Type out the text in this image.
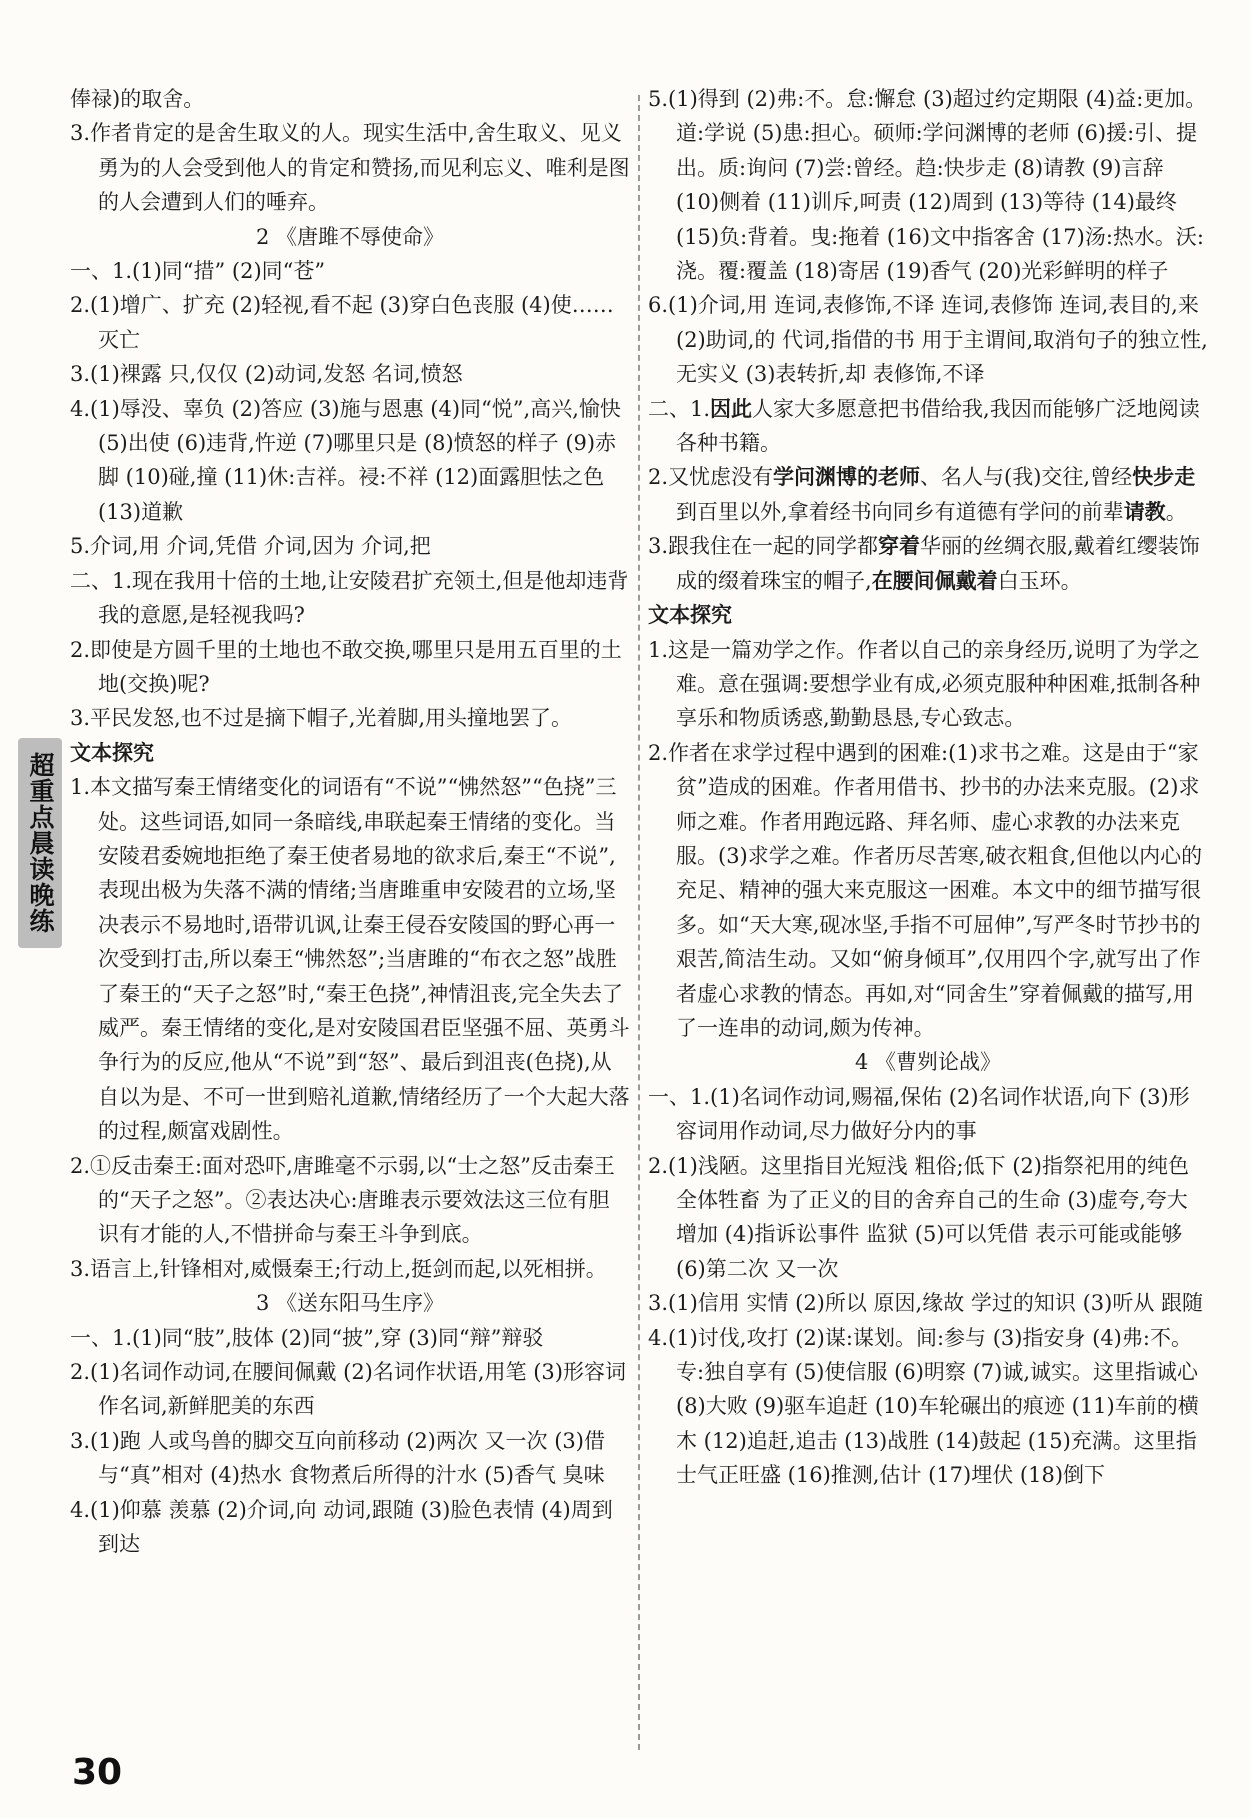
俸禄)的取舍。
3.作者肯定的是舍生取义的人。现实生活中,舍生取义、见义勇为的人会受到他人的肯定和赞扬,而见利忘义、唯利是图的人会遭到人们的唾弃。
2 《唐雎不辱使命》
一、1.(1)同“措” (2)同“苍”
2.(1)增广、扩充 (2)轻视,看不起 (3)穿白色丧服 (4)使……灭亡
3.(1)裸露 只,仅仅 (2)动词,发怒 名词,愤怒
4.(1)辱没、辜负 (2)答应 (3)施与恩惠 (4)同“悦”,高兴,愉快 (5)出使 (6)违背,忤逆 (7)哪里只是 (8)愤怒的样子 (9)赤脚 (10)碰,撞 (11)休:吉祥。祲:不祥 (12)面露胆怯之色 (13)道歉
5.介词,用 介词,凭借 介词,因为 介词,把
二、1.现在我用十倍的土地,让安陵君扩充领土,但是他却违背我的意愿,是轻视我吗?
2.即使是方圆千里的土地也不敢交换,哪里只是用五百里的土地(交换)呢?
3.平民发怒,也不过是摘下帽子,光着脚,用头撞地罢了。
文本探究
1.本文描写秦王情绪变化的词语有“不说”“怫然怒”“色挠”三处。这些词语,如同一条暗线,串联起秦王情绪的变化。当安陵君委婉地拒绝了秦王使者易地的欲求后,秦王“不说”,表现出极为失落不满的情绪;当唐雎重申安陵君的立场,坚决表示不易地时,语带讥讽,让秦王侵吞安陵国的野心再一次受到打击,所以秦王“怫然怒”;当唐雎的“布衣之怒”战胜了秦王的“天子之怒”时,“秦王色挠”,神情沮丧,完全失去了威严。秦王情绪的变化,是对安陵国君臣坚强不屈、英勇斗争行为的反应,他从“不说”到“怒”、最后到沮丧(色挠),从自以为是、不可一世到赔礼道歉,情绪经历了一个大起大落的过程,颇富戏剧性。
2.①反击秦王:面对恐吓,唐雎毫不示弱,以“士之怒”反击秦王的“天子之怒”。②表达决心:唐雎表示要效法这三位有胆识有才能的人,不惜拼命与秦王斗争到底。
3.语言上,针锋相对,威慑秦王;行动上,挺剑而起,以死相拼。
3 《送东阳马生序》
一、1.(1)同“肢”,肢体 (2)同“披”,穿 (3)同“辩”辩驳
2.(1)名词作动词,在腰间佩戴 (2)名词作状语,用笔 (3)形容词作名词,新鲜肥美的东西
3.(1)跑 人或鸟兽的脚交互向前移动 (2)两次 又一次 (3)借 与“真”相对 (4)热水 食物煮后所得的汁水 (5)香气 臭味
4.(1)仰慕 羡慕 (2)介词,向 动词,跟随 (3)脸色表情 (4)周到 到达
5.(1)得到 (2)弗:不。怠:懈怠 (3)超过约定期限 (4)益:更加。道:学说 (5)患:担心。硕师:学问渊博的老师 (6)援:引、提出。质:询问 (7)尝:曾经。趋:快步走 (8)请教 (9)言辞 (10)侧着 (11)训斥,呵责 (12)周到 (13)等待 (14)最终 (15)负:背着。曳:拖着 (16)文中指客舍 (17)汤:热水。沃:浇。覆:覆盖 (18)寄居 (19)香气 (20)光彩鲜明的样子
6.(1)介词,用 连词,表修饰,不译 连词,表修饰 连词,表目的,来 (2)助词,的 代词,指借的书 用于主谓间,取消句子的独立性,无实义 (3)表转折,却 表修饰,不译
二、1.因此人家大多愿意把书借给我,我因而能够广泛地阅读各种书籍。
2.又忧虑没有学问渊博的老师、名人与(我)交往,曾经快步走到百里以外,拿着经书向同乡有道德有学问的前辈请教。
3.跟我住在一起的同学都穿着华丽的丝绸衣服,戴着红缨装饰成的缀着珠宝的帽子,在腰间佩戴着白玉环。
文本探究
1.这是一篇劝学之作。作者以自己的亲身经历,说明了为学之难。意在强调:要想学业有成,必须克服种种困难,抵制各种享乐和物质诱惑,勤勤恳恳,专心致志。
2.作者在求学过程中遇到的困难:(1)求书之难。这是由于“家贫”造成的困难。作者用借书、抄书的办法来克服。(2)求师之难。作者用跑远路、拜名师、虚心求教的办法来克服。(3)求学之难。作者历尽苦寒,破衣粗食,但他以内心的充足、精神的强大来克服这一困难。本文中的细节描写很多。如“天大寒,砚冰坚,手指不可屈伸”,写严冬时节抄书的艰苦,简洁生动。又如“俯身倾耳”,仅用四个字,就写出了作者虚心求教的情态。再如,对“同舍生”穿着佩戴的描写,用了一连串的动词,颇为传神。
4 《曹刿论战》
一、1.(1)名词作动词,赐福,保佑 (2)名词作状语,向下 (3)形容词用作动词,尽力做好分内的事
2.(1)浅陋。这里指目光短浅 粗俗;低下 (2)指祭祀用的纯色全体牲畜 为了正义的目的舍弃自己的生命 (3)虚夸,夸大 增加 (4)指诉讼事件 监狱 (5)可以凭借 表示可能或能够 (6)第二次 又一次
3.(1)信用 实情 (2)所以 原因,缘故 学过的知识 (3)听从 跟随
4.(1)讨伐,攻打 (2)谋:谋划。间:参与 (3)指安身 (4)弗:不。专:独自享有 (5)使信服 (6)明察 (7)诚,诚实。这里指诚心 (8)大败 (9)驱车追赶 (10)车轮碾出的痕迹 (11)车前的横木 (12)追赶,追击 (13)战胜 (14)鼓起 (15)充满。这里指士气正旺盛 (16)推测,估计 (17)埋伏 (18)倒下
超重点晨读晚练
30
